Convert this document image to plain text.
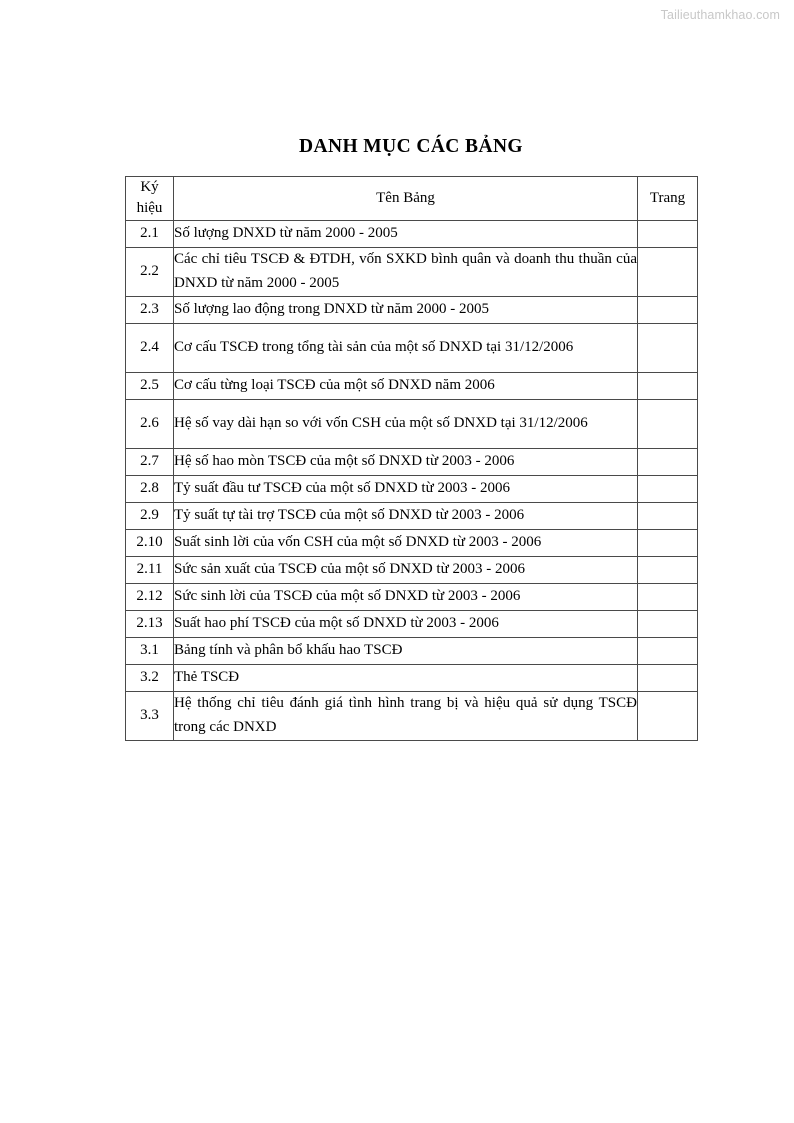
Tailieuthamkhao.com
DANH MỤC CÁC BẢNG
Ký
hiệu	Tên Bảng	Trang
2.1	Số lượng DNXD từ năm 2000 - 2005	
2.2	Các chỉ tiêu TSCĐ & ĐTDH, vốn SXKD bình quân và doanh thu thuần của DNXD từ năm 2000 - 2005	
2.3	Số lượng lao động trong DNXD từ năm 2000 - 2005	
2.4	Cơ cấu TSCĐ trong tổng tài sản của một số DNXD tại 31/12/2006	
2.5	Cơ cấu từng loại TSCĐ của một số DNXD năm 2006	
2.6	Hệ số vay dài hạn so với vốn CSH của một số DNXD tại 31/12/2006	
2.7	Hệ số hao mòn TSCĐ của một số DNXD từ 2003 - 2006	
2.8	Tỷ suất đầu tư TSCĐ của một số DNXD từ 2003 - 2006	
2.9	Tỷ suất tự tài trợ TSCĐ của một số DNXD từ 2003 - 2006	
2.10	Suất sinh lời của vốn CSH của một số DNXD từ 2003 - 2006	
2.11	Sức sản xuất của TSCĐ của một số DNXD từ 2003 - 2006	
2.12	Sức sinh lời của TSCĐ của một số DNXD từ 2003 - 2006	
2.13	Suất hao phí TSCĐ của một số DNXD từ 2003 - 2006	
3.1	Bảng tính và phân bổ khấu hao TSCĐ	
3.2	Thẻ TSCĐ	
3.3	Hệ thống chỉ tiêu đánh giá tình hình trang bị và hiệu quả sử dụng TSCĐ trong các DNXD	
